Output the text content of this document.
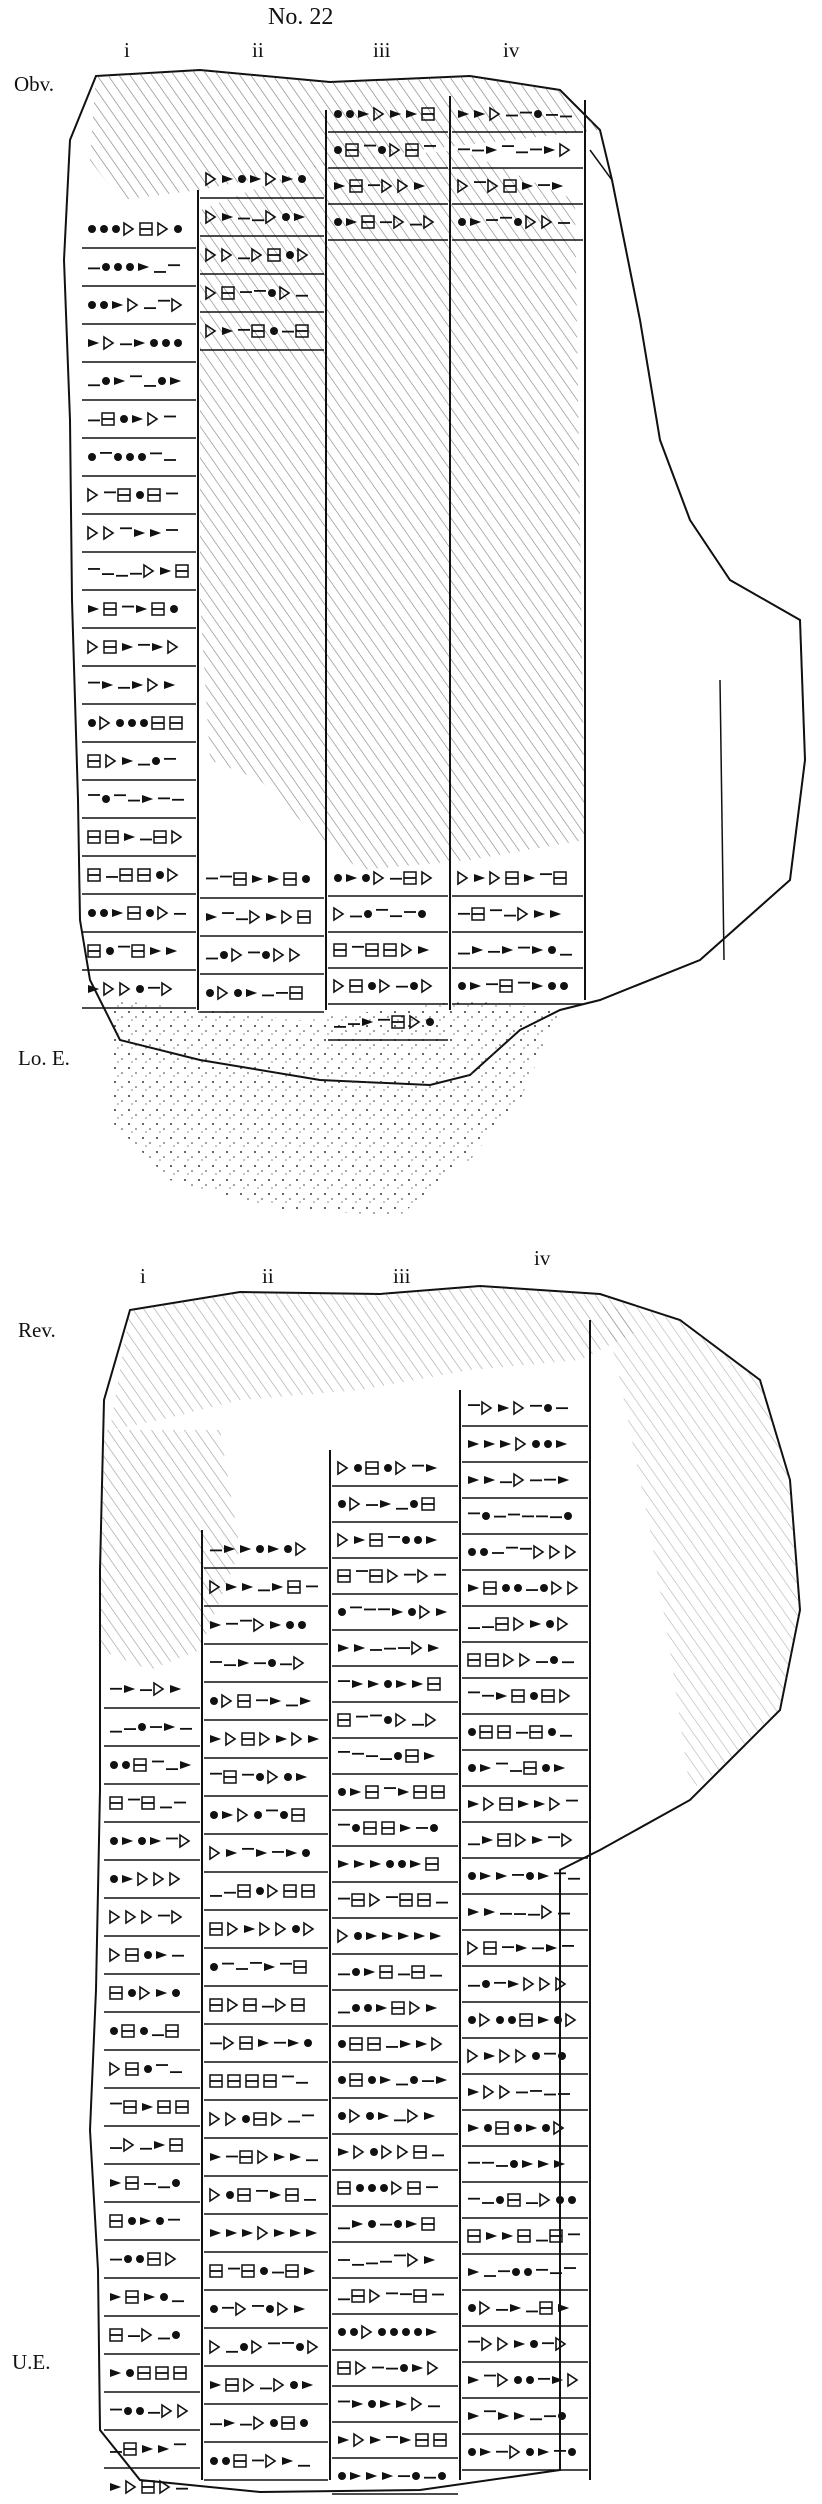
No. 22
i	ii	iii	iv
Obv.
Lo. E.
i	ii	iii
iv
Rev.
U.E.
